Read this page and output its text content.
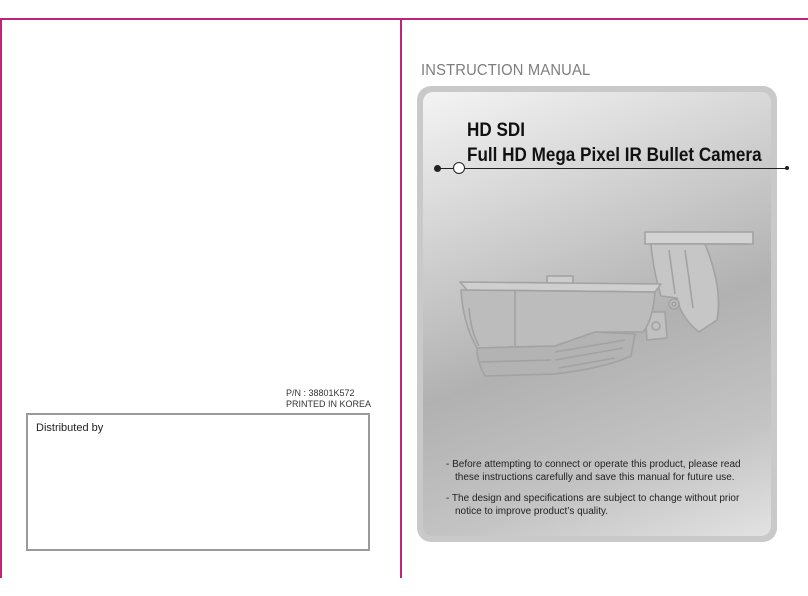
P/N : 38801K572
PRINTED IN KOREA
Distributed by
INSTRUCTION MANUAL
HD SDI
Full HD Mega Pixel IR Bullet Camera
- Before attempting to connect or operate this product, please read these instructions carefully and save this manual for future use.
- The design and specifications are subject to change without prior notice to improve product’s quality.
